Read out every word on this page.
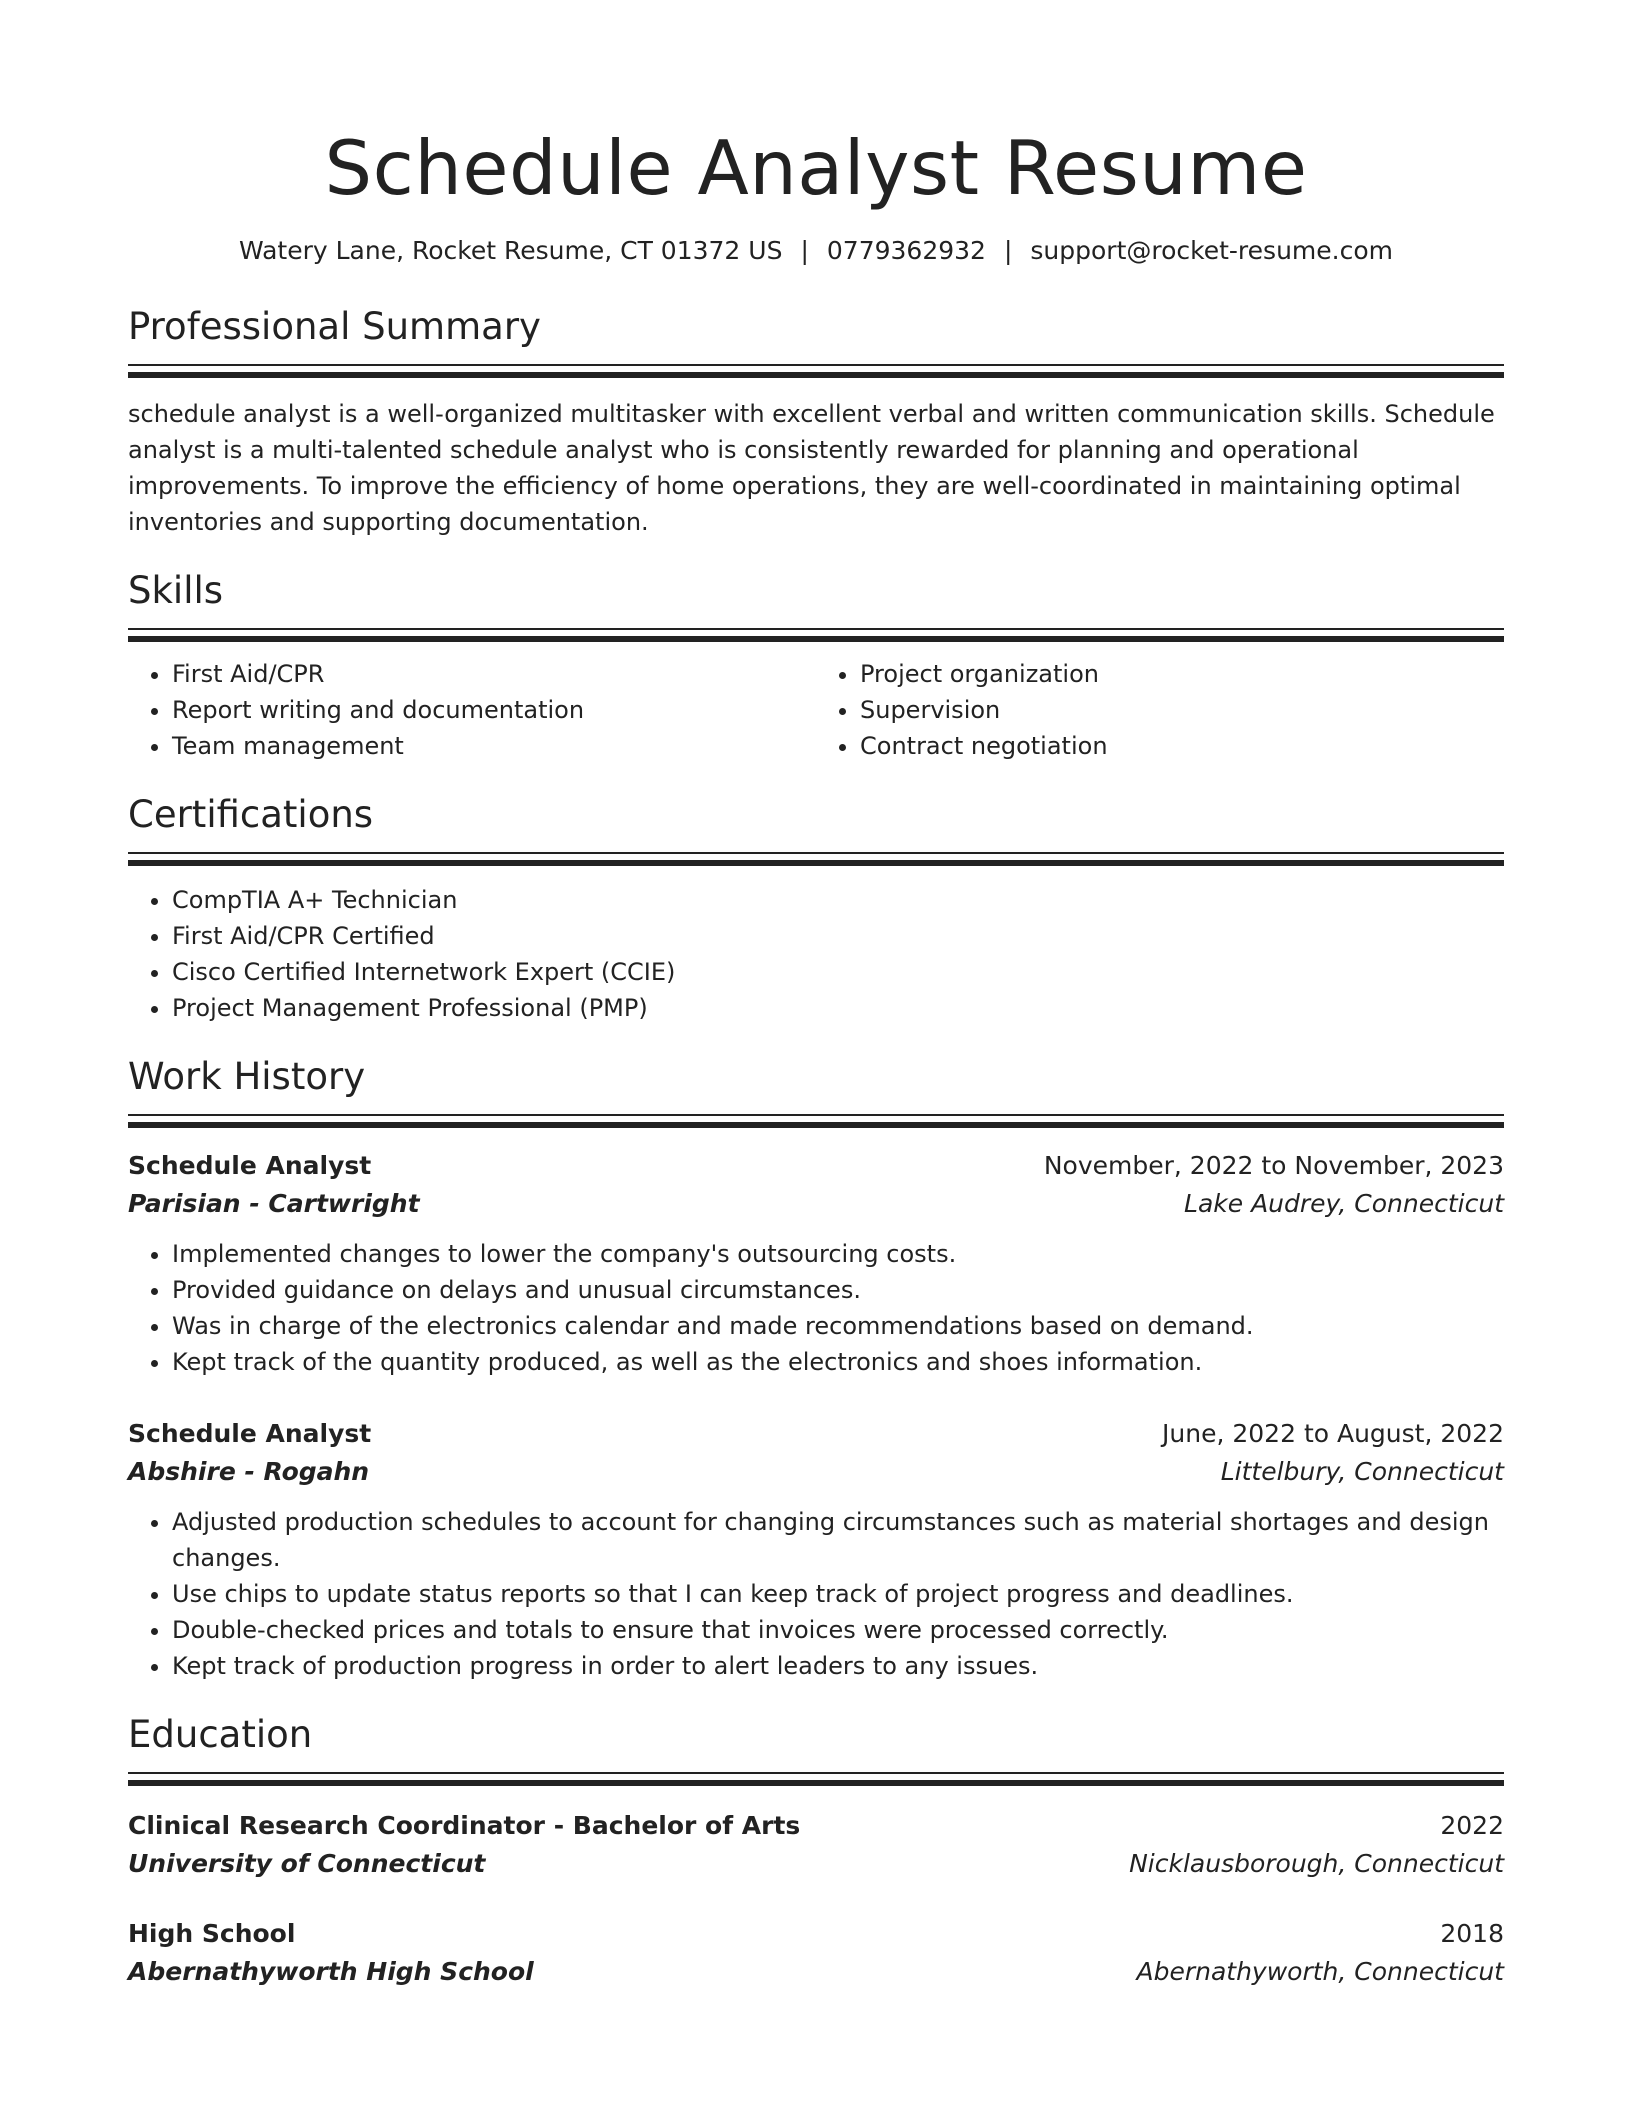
Schedule Analyst Resume
Watery Lane, Rocket Resume, CT 01372 US | 0779362932 | support@rocket-resume.com
Professional Summary
schedule analyst is a well-organized multitasker with excellent verbal and written communication skills. Schedule analyst is a multi-talented schedule analyst who is consistently rewarded for planning and operational improvements. To improve the efficiency of home operations, they are well-coordinated in maintaining optimal inventories and supporting documentation.
Skills
• First Aid/CPR
• Report writing and documentation
• Team management
• Project organization
• Supervision
• Contract negotiation
Certifications
• CompTIA A+ Technician
• First Aid/CPR Certified
• Cisco Certified Internetwork Expert (CCIE)
• Project Management Professional (PMP)
Work History
Schedule Analyst	November, 2022 to November, 2023
Parisian - Cartwright	Lake Audrey, Connecticut
• Implemented changes to lower the company's outsourcing costs.
• Provided guidance on delays and unusual circumstances.
• Was in charge of the electronics calendar and made recommendations based on demand.
• Kept track of the quantity produced, as well as the electronics and shoes information.
Schedule Analyst	June, 2022 to August, 2022
Abshire - Rogahn	Littelbury, Connecticut
• Adjusted production schedules to account for changing circumstances such as material shortages and design changes.
• Use chips to update status reports so that I can keep track of project progress and deadlines.
• Double-checked prices and totals to ensure that invoices were processed correctly.
• Kept track of production progress in order to alert leaders to any issues.
Education
Clinical Research Coordinator - Bachelor of Arts	2022
University of Connecticut	Nicklausborough, Connecticut
High School	2018
Abernathyworth High School	Abernathyworth, Connecticut
